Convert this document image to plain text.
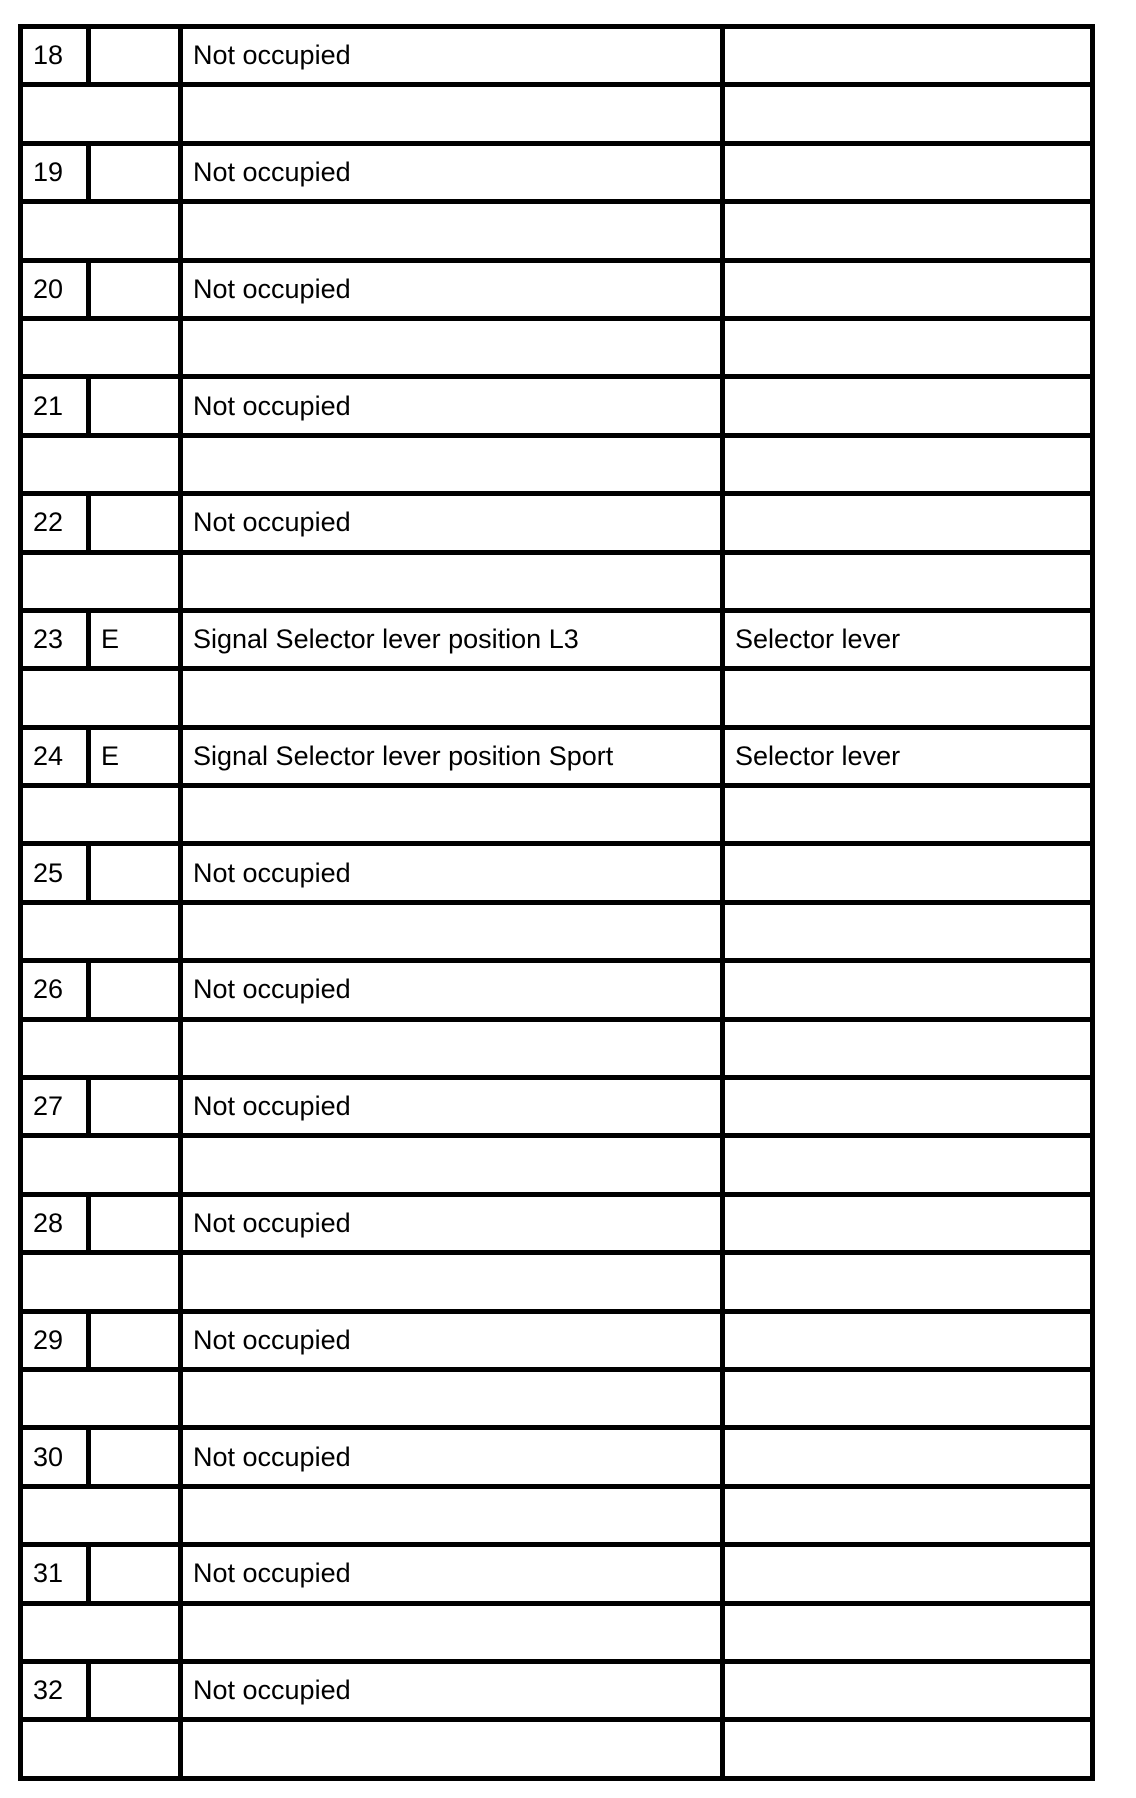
18		Not occupied	

19		Not occupied	

20		Not occupied	

21		Not occupied	

22		Not occupied	

23	E	Signal Selector lever position L3	Selector lever

24	E	Signal Selector lever position Sport	Selector lever

25		Not occupied	

26		Not occupied	

27		Not occupied	

28		Not occupied	

29		Not occupied	

30		Not occupied	

31		Not occupied	

32		Not occupied	
